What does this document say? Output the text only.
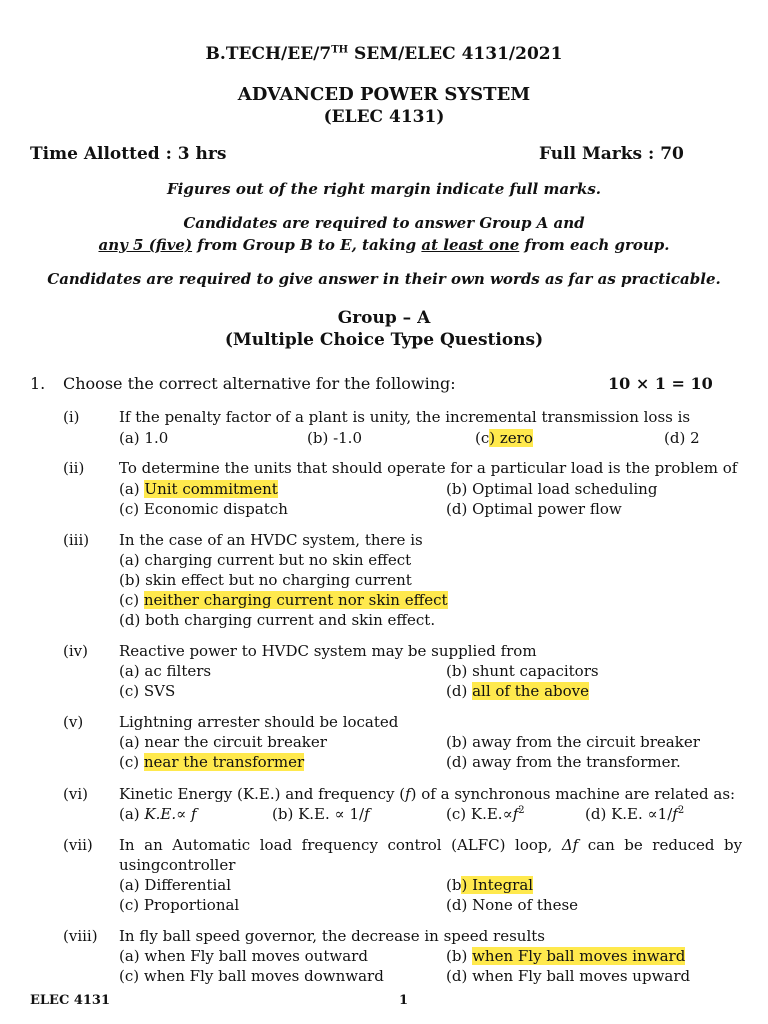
B.TECH/EE/7TH SEM/ELEC 4131/2021
ADVANCED POWER SYSTEM
(ELEC 4131)
Time Allotted : 3 hrs	Full Marks : 70
Figures out of the right margin indicate full marks.
Candidates are required to answer Group A and
any 5 (five) from Group B to E, taking at least one from each group.
Candidates are required to give answer in their own words as far as practicable.
Group – A
(Multiple Choice Type Questions)
1. Choose the correct alternative for the following:	10 × 1 = 10
(i)	If the penalty factor of a plant is unity, the incremental transmission loss is
(a) 1.0	(b) -1.0	(c) zero	(d) 2
(ii) To determine the units that should operate for a particular load is the problem of
(a) Unit commitment	(b) Optimal load scheduling
(c) Economic dispatch	(d) Optimal power flow
(iii) In the case of an HVDC system, there is
(a) charging current but no skin effect
(b) skin effect but no charging current
(c) neither charging current nor skin effect
(d) both charging current and skin effect.
(iv) Reactive power to HVDC system may be supplied from
(a) ac filters	(b) shunt capacitors
(c) SVS	(d) all of the above
(v) Lightning arrester should be located
(a) near the circuit breaker	(b) away from the circuit breaker
(c) near the transformer	(d) away from the transformer.
(vi) Kinetic Energy (K.E.) and frequency (f) of a synchronous machine are related as:
(a) K.E.∝ f	(b) K.E. ∝ 1/f	(c) $K.E.\propto f^2$	(d) K.E. $\propto 1/f^2$
(vii) In  an  Automatic  load  frequency  control  (ALFC)  loop,  Δf  can  be  reduced  by
usingcontroller
(a) Differential	(b) Integral
(c) Proportional	(d) None of these
(viii) In fly ball speed governor, the decrease in speed results
(a) when Fly ball moves outward	(b) when Fly ball moves inward
(c) when Fly ball moves downward	(d) when Fly ball moves upward
ELEC 4131	1
